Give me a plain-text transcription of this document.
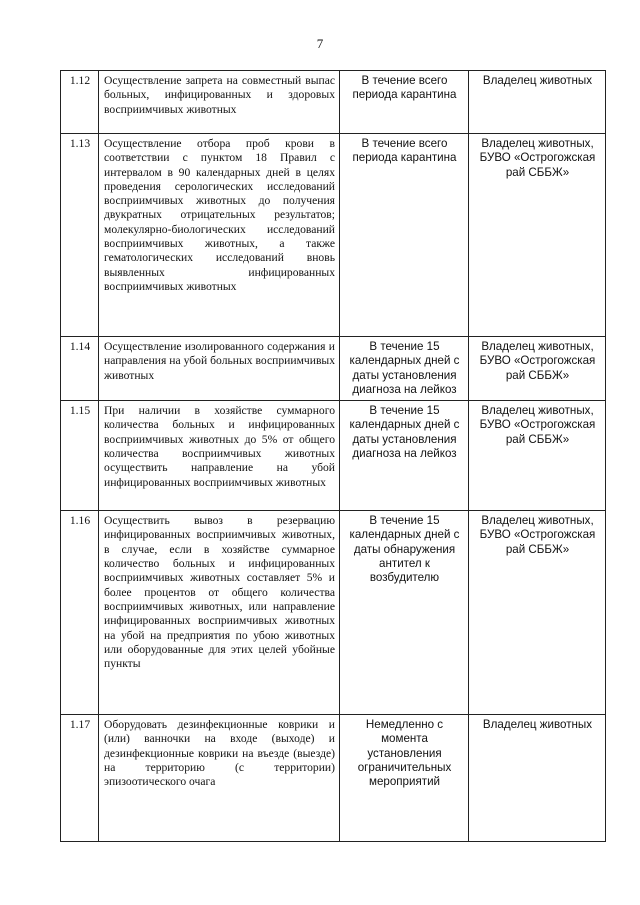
7
1.12	Осуществление запрета на совместный выпас больных, инфицированных и здоровых восприимчивых животных	В течение всего периода карантина	Владелец животных
1.13	Осуществление отбора проб крови в соответствии с пунктом 18 Правил с интервалом в 90 календарных дней в целях проведения серологических исследований восприимчивых животных до получения двукратных отрицательных результатов; молекулярно-биологических исследований восприимчивых животных, а также гематологических исследований вновь выявленных инфицированных восприимчивых животных	В течение всего периода карантина	Владелец животных, БУВО «Острогожская рай СББЖ»
1.14	Осуществление изолированного содержания и направления на убой больных восприимчивых животных	В течение 15 календарных дней с даты установления диагноза на лейкоз	Владелец животных, БУВО «Острогожская рай СББЖ»
1.15	При наличии в хозяйстве суммарного количества больных и инфицированных восприимчивых животных до 5% от общего количества восприимчивых животных осуществить направление на убой инфицированных восприимчивых животных	В течение 15 календарных дней с даты установления диагноза на лейкоз	Владелец животных, БУВО «Острогожская рай СББЖ»
1.16	Осуществить вывоз в резервацию инфицированных восприимчивых животных, в случае, если в хозяйстве суммарное количество больных и инфицированных восприимчивых животных составляет 5% и более процентов от общего количества восприимчивых животных, или направление инфицированных восприимчивых животных на убой на предприятия по убою животных или оборудованные для этих целей убойные пункты	В течение 15 календарных дней с даты обнаружения антител к возбудителю	Владелец животных, БУВО «Острогожская рай СББЖ»
1.17	Оборудовать дезинфекционные коврики и (или) ванночки на входе (выходе) и дезинфекционные коврики на въезде (выезде) на территорию (с территории) эпизоотического очага	Немедленно с момента установления ограничительных мероприятий	Владелец животных
